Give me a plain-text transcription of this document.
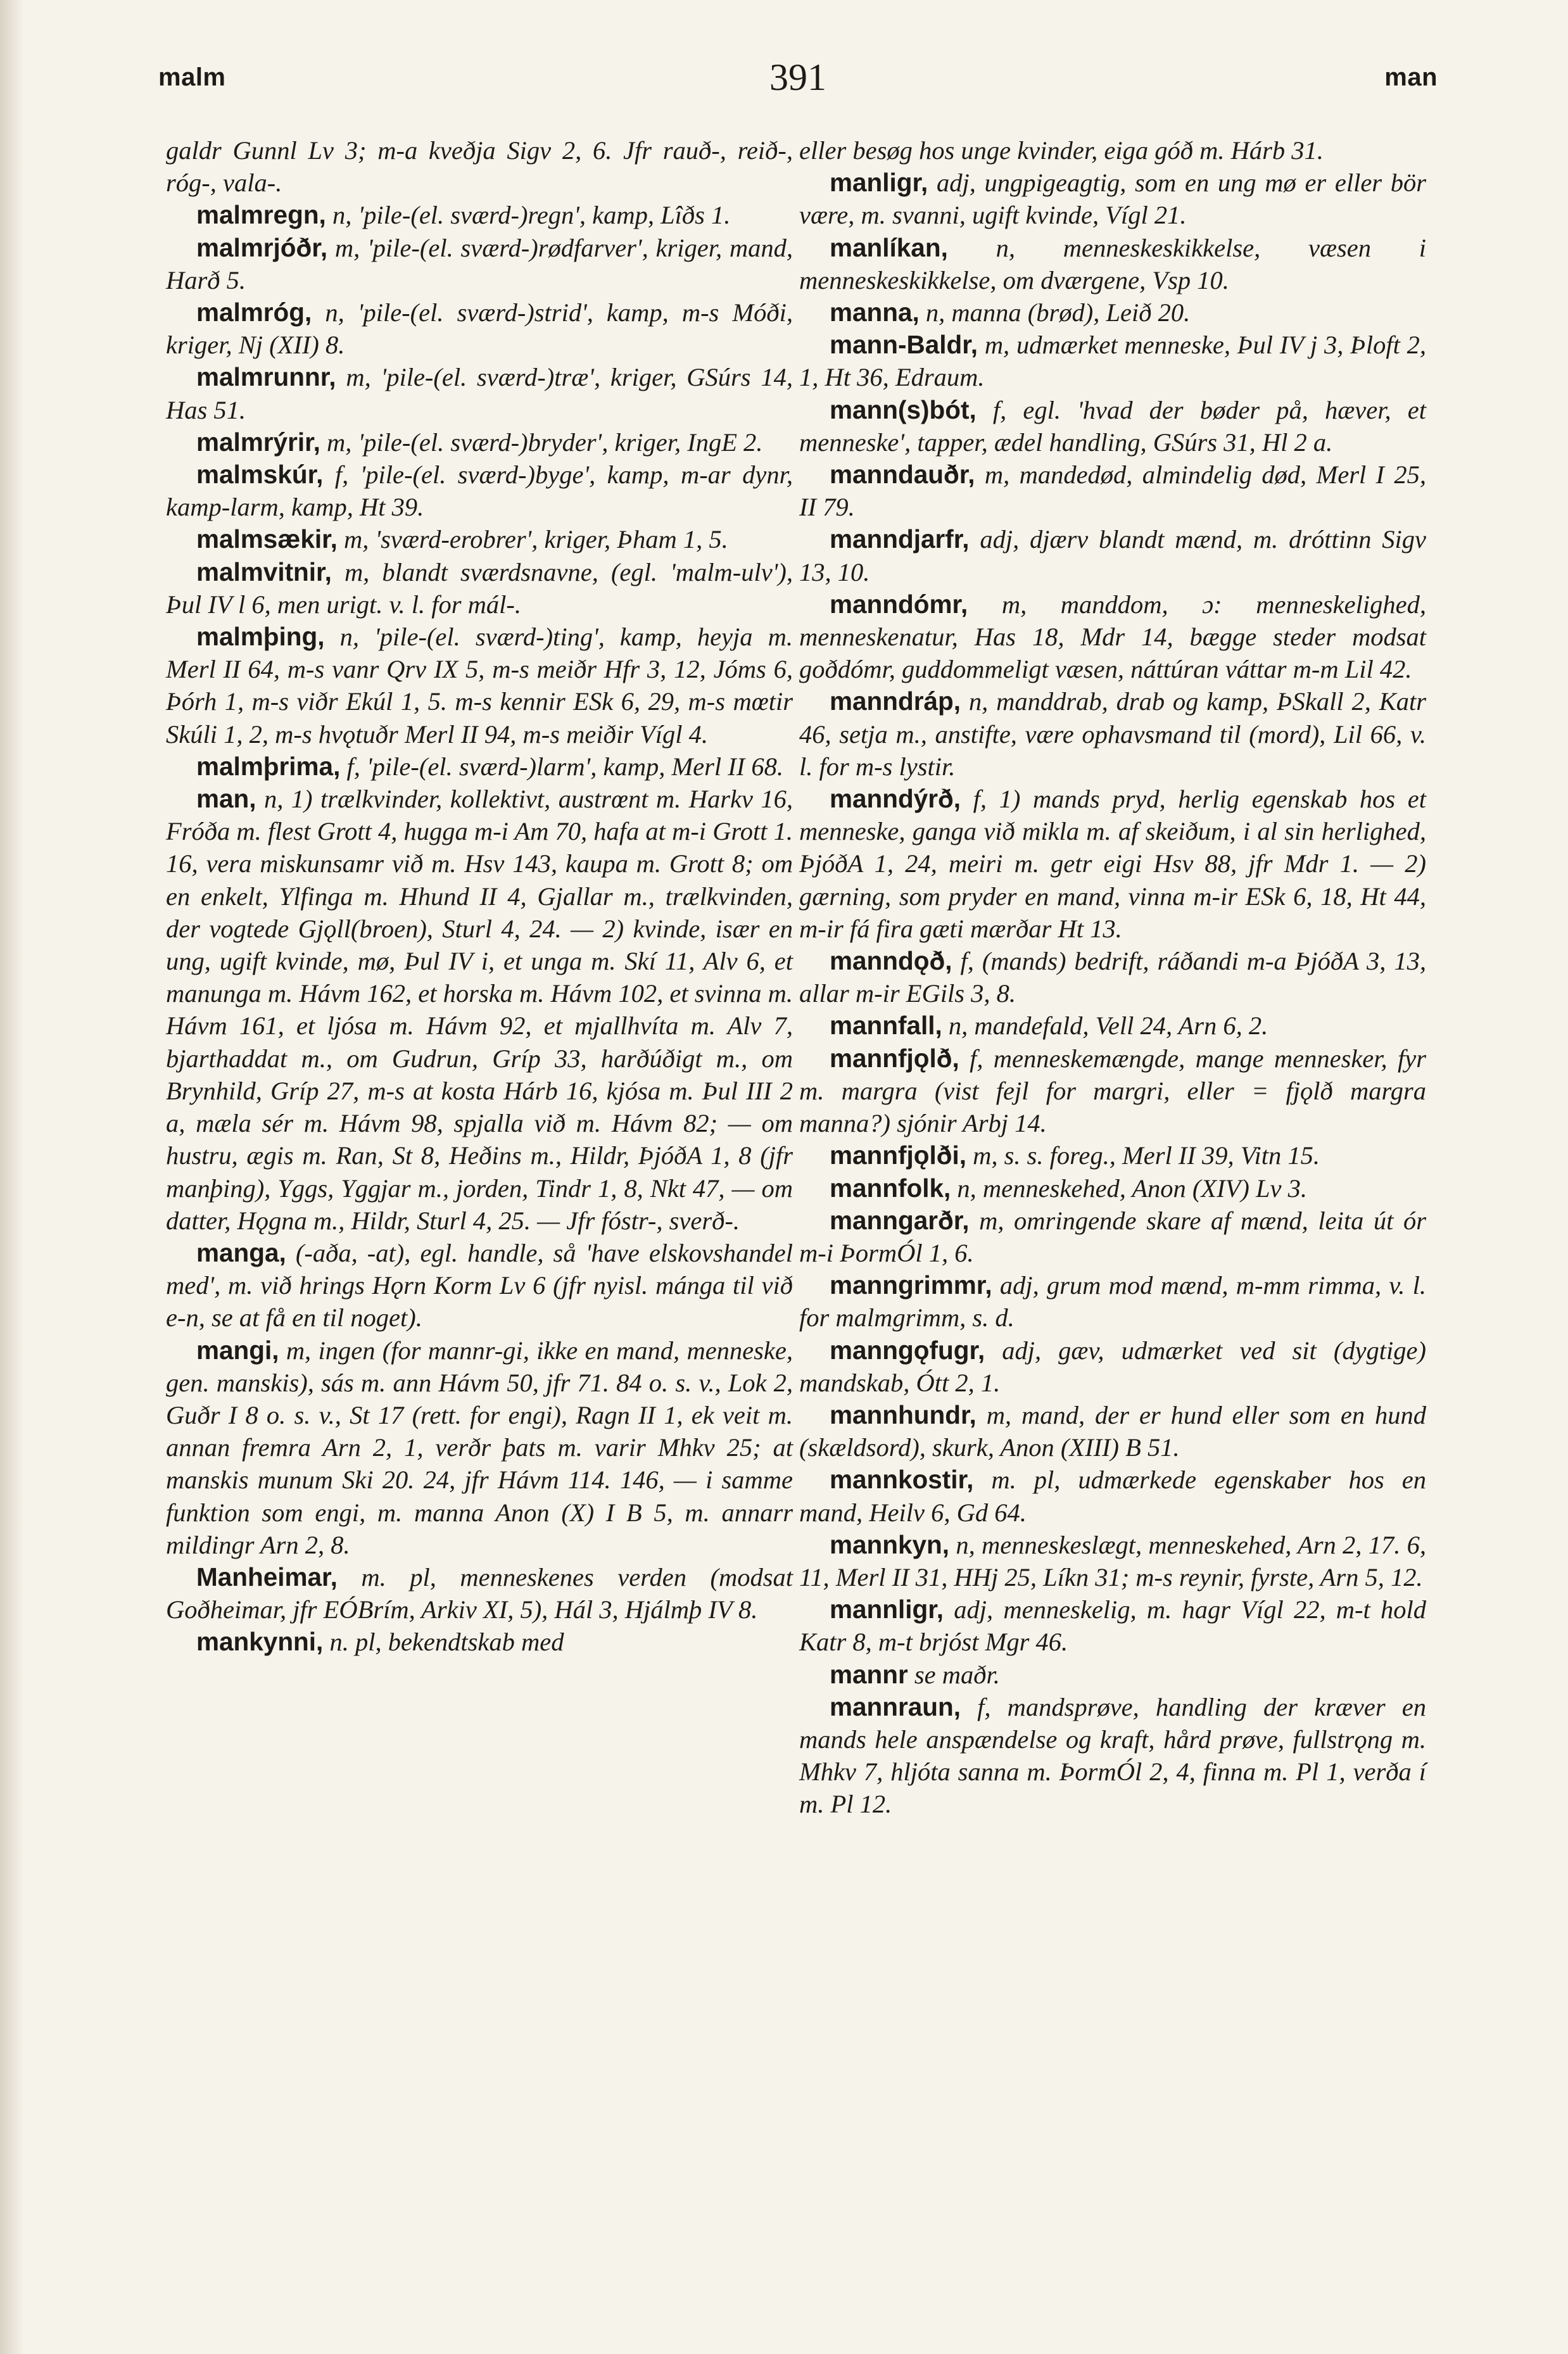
malm	391	man

galdr Gunnl Lv 3; m-a kveðja Sigv 2, 6. Jfr rauð-, reið-, róg-, vala-.

malmregn, n, 'pile-(el. sværd-)regn', kamp, Lîðs 1.

malmrjóðr, m, 'pile-(el. sværd-)rødfarver', kriger, mand, Harð 5.

malmróg, n, 'pile-(el. sværd-)strid', kamp, m-s Móði, kriger, Nj (XII) 8.

malmrunnr, m, 'pile-(el. sværd-)træ', kriger, GSúrs 14, Has 51.

malmrýrir, m, 'pile-(el. sværd-)bryder', kriger, IngE 2.

malmskúr, f, 'pile-(el. sværd-)byge', kamp, m-ar dynr, kamp-larm, kamp, Ht 39.

malmsækir, m, 'sværd-erobrer', kriger, Þham 1, 5.

malmvitnir, m, blandt sværdsnavne, (egl. 'malm-ulv'), Þul IV l 6, men urigt. v. l. for mál-.

malmþing, n, 'pile-(el. sværd-)ting', kamp, heyja m. Merl II 64, m-s vanr Qrv IX 5, m-s meiðr Hfr 3, 12, Jóms 6, Þórh 1, m-s viðr Ekúl 1, 5. m-s kennir ESk 6, 29, m-s mœtir Skúli 1, 2, m-s hvǫtuðr Merl II 94, m-s meiðir Vígl 4.

malmþrima, f, 'pile-(el. sværd-)larm', kamp, Merl II 68.

man, n, 1) trælkvinder, kollektivt, austrœnt m. Harkv 16, Fróða m. flest Grott 4, hugga m-i Am 70, hafa at m-i Grott 1. 16, vera miskunsamr við m. Hsv 143, kaupa m. Grott 8; om en enkelt, Ylfinga m. Hhund II 4, Gjallar m., trælkvinden, der vogtede Gjǫll(broen), Sturl 4, 24. — 2) kvinde, især en ung, ugift kvinde, mø, Þul IV i, et unga m. Skí 11, Alv 6, et manunga m. Hávm 162, et horska m. Hávm 102, et svinna m. Hávm 161, et ljósa m. Hávm 92, et mjallhvíta m. Alv 7, bjarthaddat m., om Gudrun, Gríp 33, harðúðigt m., om Brynhild, Gríp 27, m-s at kosta Hárb 16, kjósa m. Þul III 2 a, mæla sér m. Hávm 98, spjalla við m. Hávm 82; — om hustru, ægis m. Ran, St 8, Heðins m., Hildr, ÞjóðA 1, 8 (jfr manþing), Yggs, Yggjar m., jorden, Tindr 1, 8, Nkt 47, — om datter, Hǫgna m., Hildr, Sturl 4, 25. — Jfr fóstr-, sverð-.

manga, (-aða, -at), egl. handle, så 'have elskovshandel med', m. við hrings Hǫrn Korm Lv 6 (jfr nyisl. mánga til við e-n, se at få en til noget).

mangi, m, ingen (for mannr-gi, ikke en mand, menneske, gen. manskis), sás m. ann Hávm 50, jfr 71. 84 o. s. v., Lok 2, Guðr I 8 o. s. v., St 17 (rett. for engi), Ragn II 1, ek veit m. annan fremra Arn 2, 1, verðr þats m. varir Mhkv 25; at manskis munum Ski 20. 24, jfr Hávm 114. 146, — i samme funktion som engi, m. manna Anon (X) I B 5, m. annarr mildingr Arn 2, 8.

Manheimar, m. pl, menneskenes verden (modsat Goðheimar, jfr EÓBrím, Arkiv XI, 5), Hál 3, Hjálmþ IV 8.

mankynni, n. pl, bekendtskab med

eller besøg hos unge kvinder, eiga góð m. Hárb 31.

manligr, adj, ungpigeagtig, som en ung mø er eller bör være, m. svanni, ugift kvinde, Vígl 21.

manlíkan, n, menneskeskikkelse, væsen i menneskeskikkelse, om dværgene, Vsp 10.

manna, n, manna (brød), Leið 20.

mann-Baldr, m, udmærket menneske, Þul IV j 3, Þloft 2, 1, Ht 36, Edraum.

mann(s)bót, f, egl. 'hvad der bøder på, hæver, et menneske', tapper, ædel handling, GSúrs 31, Hl 2 a.

manndauðr, m, mandedød, almindelig død, Merl I 25, II 79.

manndjarfr, adj, djærv blandt mænd, m. dróttinn Sigv 13, 10.

manndómr, m, manddom, ɔ: menneskelighed, menneskenatur, Has 18, Mdr 14, bægge steder modsat goðdómr, guddommeligt væsen, náttúran váttar m-m Lil 42.

manndráp, n, manddrab, drab og kamp, ÞSkall 2, Katr 46, setja m., anstifte, være ophavsmand til (mord), Lil 66, v. l. for m-s lystir.

manndýrð, f, 1) mands pryd, herlig egenskab hos et menneske, ganga við mikla m. af skeiðum, i al sin herlighed, ÞjóðA 1, 24, meiri m. getr eigi Hsv 88, jfr Mdr 1. — 2) gærning, som pryder en mand, vinna m-ir ESk 6, 18, Ht 44, m-ir fá fira gæti mærðar Ht 13.

manndǫð, f, (mands) bedrift, ráðandi m-a ÞjóðA 3, 13, allar m-ir EGils 3, 8.

mannfall, n, mandefald, Vell 24, Arn 6, 2.

mannfjǫlð, f, menneskemængde, mange mennesker, fyr m. margra (vist fejl for margri, eller = fjǫlð margra manna?) sjónir Arbj 14.

mannfjǫlði, m, s. s. foreg., Merl II 39, Vitn 15.

mannfolk, n, menneskehed, Anon (XIV) Lv 3.

manngarðr, m, omringende skare af mænd, leita út ór m-i ÞormÓl 1, 6.

manngrimmr, adj, grum mod mænd, m-mm rimma, v. l. for malmgrimm, s. d.

manngǫfugr, adj, gæv, udmærket ved sit (dygtige) mandskab, Ótt 2, 1.

mannhundr, m, mand, der er hund eller som en hund (skældsord), skurk, Anon (XIII) B 51.

mannkostir, m. pl, udmærkede egenskaber hos en mand, Heilv 6, Gd 64.

mannkyn, n, menneskeslægt, menneskehed, Arn 2, 17. 6, 11, Merl II 31, HHj 25, Líkn 31; m-s reynir, fyrste, Arn 5, 12.

mannligr, adj, menneskelig, m. hagr Vígl 22, m-t hold Katr 8, m-t brjóst Mgr 46.

mannr se maðr.

mannraun, f, mandsprøve, handling der kræver en mands hele anspændelse og kraft, hård prøve, fullstrǫng m. Mhkv 7, hljóta sanna m. ÞormÓl 2, 4, finna m. Pl 1, verða í m. Pl 12.
